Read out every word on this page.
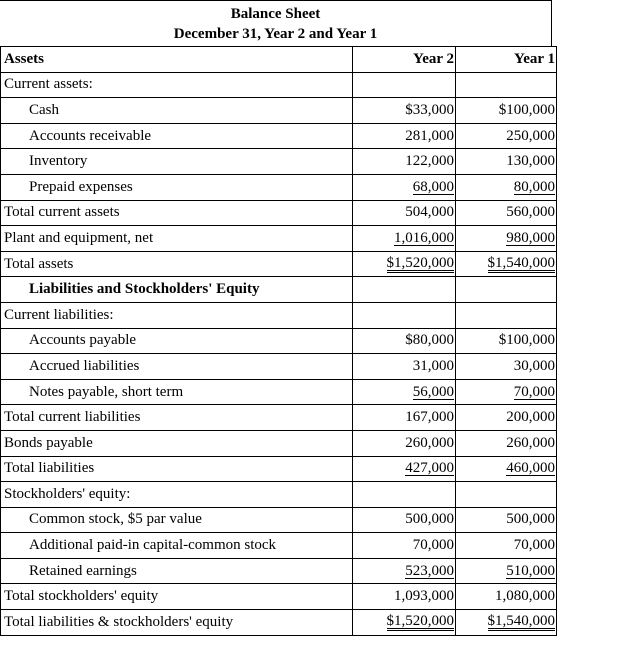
Balance Sheet
December 31, Year 2 and Year 1
Assets	Year 2	Year 1
Current assets:		
Cash	$33,000	$100,000
Accounts receivable	281,000	250,000
Inventory	122,000	130,000
Prepaid expenses	68,000	80,000
Total current assets	504,000	560,000
Plant and equipment, net	1,016,000	980,000
Total assets	$1,520,000	$1,540,000
Liabilities and Stockholders' Equity		
Current liabilities:		
Accounts payable	$80,000	$100,000
Accrued liabilities	31,000	30,000
Notes payable, short term	56,000	70,000
Total current liabilities	167,000	200,000
Bonds payable	260,000	260,000
Total liabilities	427,000	460,000
Stockholders' equity:		
Common stock, $5 par value	500,000	500,000
Additional paid-in capital-common stock	70,000	70,000
Retained earnings	523,000	510,000
Total stockholders' equity	1,093,000	1,080,000
Total liabilities & stockholders' equity	$1,520,000	$1,540,000
